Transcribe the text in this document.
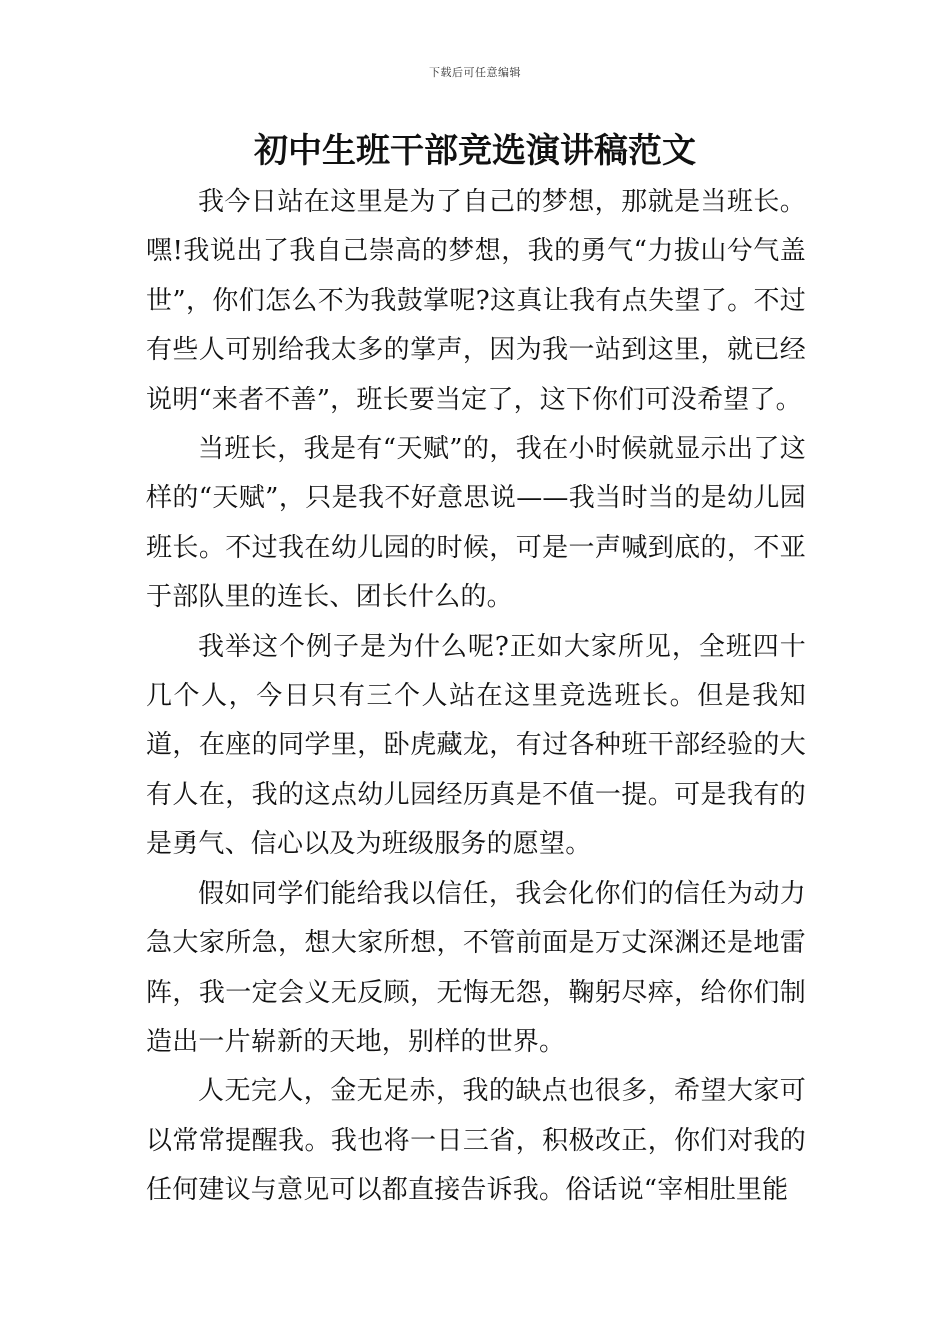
下载后可任意编辑
初中生班干部竞选演讲稿范文

我今日站在这里是为了自己的梦想，那就是当班长。嘿!我说出了我自己崇高的梦想，我的勇气“力拔山兮气盖世”，你们怎么不为我鼓掌呢?这真让我有点失望了。不过有些人可别给我太多的掌声，因为我一站到这里，就已经说明“来者不善”，班长要当定了，这下你们可没希望了。

当班长，我是有“天赋”的，我在小时候就显示出了这样的“天赋”，只是我不好意思说——我当时当的是幼儿园班长。不过我在幼儿园的时候，可是一声喊到底的，不亚于部队里的连长、团长什么的。

我举这个例子是为什么呢?正如大家所见，全班四十几个人，今日只有三个人站在这里竞选班长。但是我知道，在座的同学里，卧虎藏龙，有过各种班干部经验的大有人在，我的这点幼儿园经历真是不值一提。可是我有的是勇气、信心以及为班级服务的愿望。

假如同学们能给我以信任，我会化你们的信任为动力急大家所急，想大家所想，不管前面是万丈深渊还是地雷阵，我一定会义无反顾，无悔无怨，鞠躬尽瘁，给你们制造出一片崭新的天地，别样的世界。

人无完人，金无足赤，我的缺点也很多，希望大家可以常常提醒我。我也将一日三省，积极改正，你们对我的任何建议与意见可以都直接告诉我。俗话说“宰相肚里能
